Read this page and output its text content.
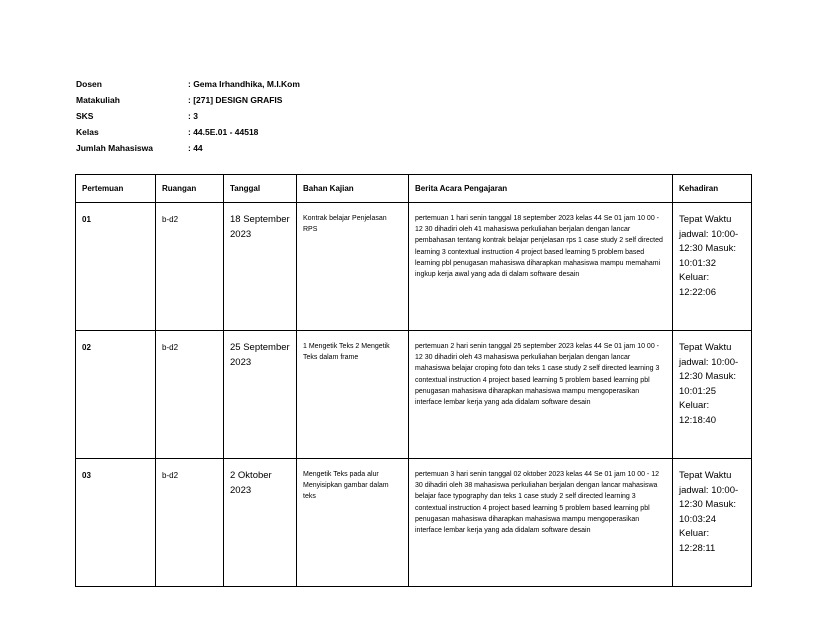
Dosen	: Gema Irhandhika, M.I.Kom
Matakuliah	: [271] DESIGN GRAFIS
SKS	: 3
Kelas	: 44.5E.01 - 44518
Jumlah Mahasiswa	: 44
Pertemuan	Ruangan	Tanggal	Bahan Kajian	Berita Acara Pengajaran	Kehadiran
01	b-d2	18 September 2023	Kontrak belajar Penjelasan RPS	pertemuan 1 hari senin tanggal 18 september 2023 kelas 44 Se 01 jam 10 00 - 12 30 dihadiri oleh 41 mahasiswa perkuliahan berjalan dengan lancar pembahasan tentang kontrak belajar penjelasan rps 1 case study 2 self directed learning 3 contextual instruction 4 project based learning 5 problem based learning pbl penugasan mahasiswa diharapkan mahasiswa mampu memahami ingkup kerja awal yang ada di dalam software desain	Tepat Waktu jadwal: 10:00-12:30 Masuk: 10:01:32 Keluar: 12:22:06
02	b-d2	25 September 2023	1 Mengetik Teks 2 Mengetik Teks dalam frame	pertemuan 2 hari senin tanggal 25 september 2023 kelas 44 Se 01 jam 10 00 - 12 30 dihadiri oleh 43 mahasiswa perkuliahan berjalan dengan lancar mahasiswa belajar croping foto dan teks 1 case study 2 self directed learning 3 contextual instruction 4 project based learning 5 problem based learning pbl penugasan mahasiswa diharapkan mahasiswa mampu mengoperasikan interface lembar kerja yang ada didalam software desain	Tepat Waktu jadwal: 10:00-12:30 Masuk: 10:01:25 Keluar: 12:18:40
03	b-d2	2 Oktober 2023	Mengetik Teks pada alur Menyisipkan gambar dalam teks	pertemuan 3 hari senin tanggal 02 oktober 2023 kelas 44 Se 01 jam 10 00 - 12 30 dihadiri oleh 38 mahasiswa perkuliahan berjalan dengan lancar mahasiswa belajar face typography dan teks 1 case study 2 self directed learning 3 contextual instruction 4 project based learning 5 problem based learning pbl penugasan mahasiswa diharapkan mahasiswa mampu mengoperasikan interface lembar kerja yang ada didalam software desain	Tepat Waktu jadwal: 10:00-12:30 Masuk: 10:03:24 Keluar: 12:28:11
